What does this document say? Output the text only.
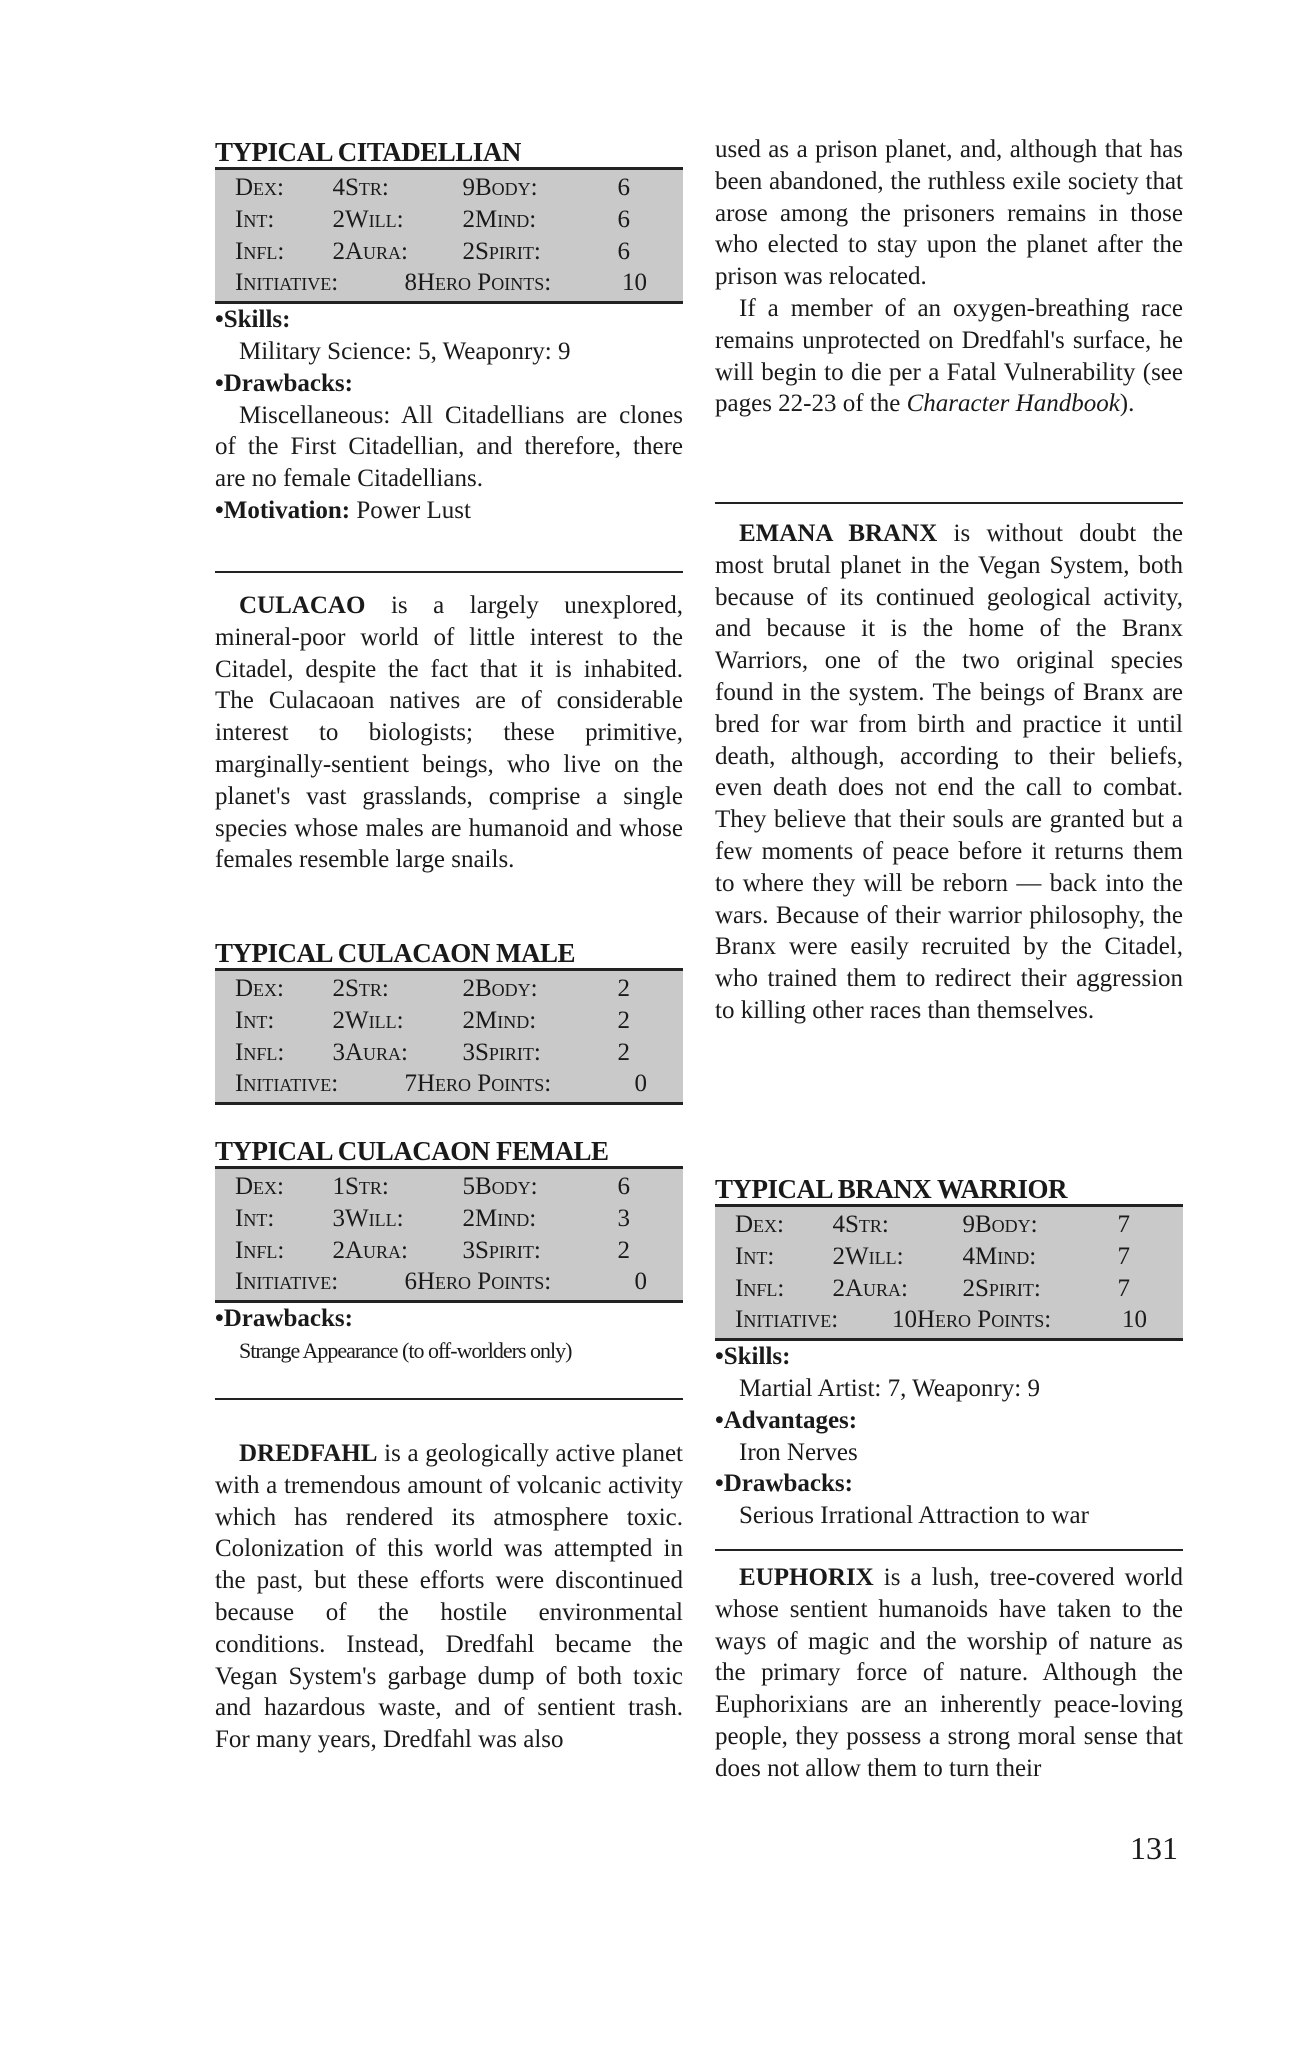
TYPICAL CITADELLIAN
Dex:	4 Str:	9 Body:	6
Int:	2 Will:	2 Mind:	6
Infl:	2 Aura:	2 Spirit:	6
Initiative:	8 Hero Points:	10
•Skills:
Military Science: 5, Weaponry: 9
•Drawbacks:

Miscellaneous: All Citadellians are clones of the First Citadellian, and therefore, there are no female Citadellians.

•Motivation: Power Lust

CULACAO is a largely unexplored, mineral-poor world of little interest to the Citadel, despite the fact that it is inhabited. The Culacaoan natives are of considerable interest to biologists; these primitive, marginally-sentient beings, who live on the planet's vast grasslands, comprise a single species whose males are humanoid and whose females resemble large snails.

TYPICAL CULACAON MALE
Dex:	2 Str:	2 Body:	2
Int:	2 Will:	2 Mind:	2
Infl:	3 Aura:	3 Spirit:	2
Initiative:	7 Hero Points:	0
TYPICAL CULACAON FEMALE
Dex:	1 Str:	5 Body:	6
Int:	3 Will:	2 Mind:	3
Infl:	2 Aura:	3 Spirit:	2
Initiative:	6 Hero Points:	0
•Drawbacks:
Strange Appearance (to off-worlders only)

DREDFAHL is a geologically active planet with a tremendous amount of volcanic activity which has rendered its atmosphere toxic. Colonization of this world was attempted in the past, but these efforts were discontinued because of the hostile environmental conditions. Instead, Dredfahl became the Vegan System's garbage dump of both toxic and hazardous waste, and of sentient trash. For many years, Dredfahl was also

used as a prison planet, and, although that has been abandoned, the ruthless exile society that arose among the prisoners remains in those who elected to stay upon the planet after the prison was relocated.

If a member of an oxygen-breathing race remains unprotected on Dredfahl's surface, he will begin to die per a Fatal Vulnerability (see pages 22-23 of the Character Handbook).

EMANA BRANX is without doubt the most brutal planet in the Vegan System, both because of its continued geological activity, and because it is the home of the Branx Warriors, one of the two original species found in the system. The beings of Branx are bred for war from birth and practice it until death, although, according to their beliefs, even death does not end the call to combat. They believe that their souls are granted but a few moments of peace before it returns them to where they will be reborn — back into the wars. Because of their warrior philosophy, the Branx were easily recruited by the Citadel, who trained them to redirect their aggression to killing other races than themselves.

TYPICAL BRANX WARRIOR
Dex:	4 Str:	9 Body:	7
Int:	2 Will:	4 Mind:	7
Infl:	2 Aura:	2 Spirit:	7
Initiative:	10 Hero Points:	10
•Skills:
Martial Artist: 7, Weaponry: 9
•Advantages:
Iron Nerves
•Drawbacks:
Serious Irrational Attraction to war

EUPHORIX is a lush, tree-covered world whose sentient humanoids have taken to the ways of magic and the worship of nature as the primary force of nature. Although the Euphorixians are an inherently peace-loving people, they possess a strong moral sense that does not allow them to turn their

131
